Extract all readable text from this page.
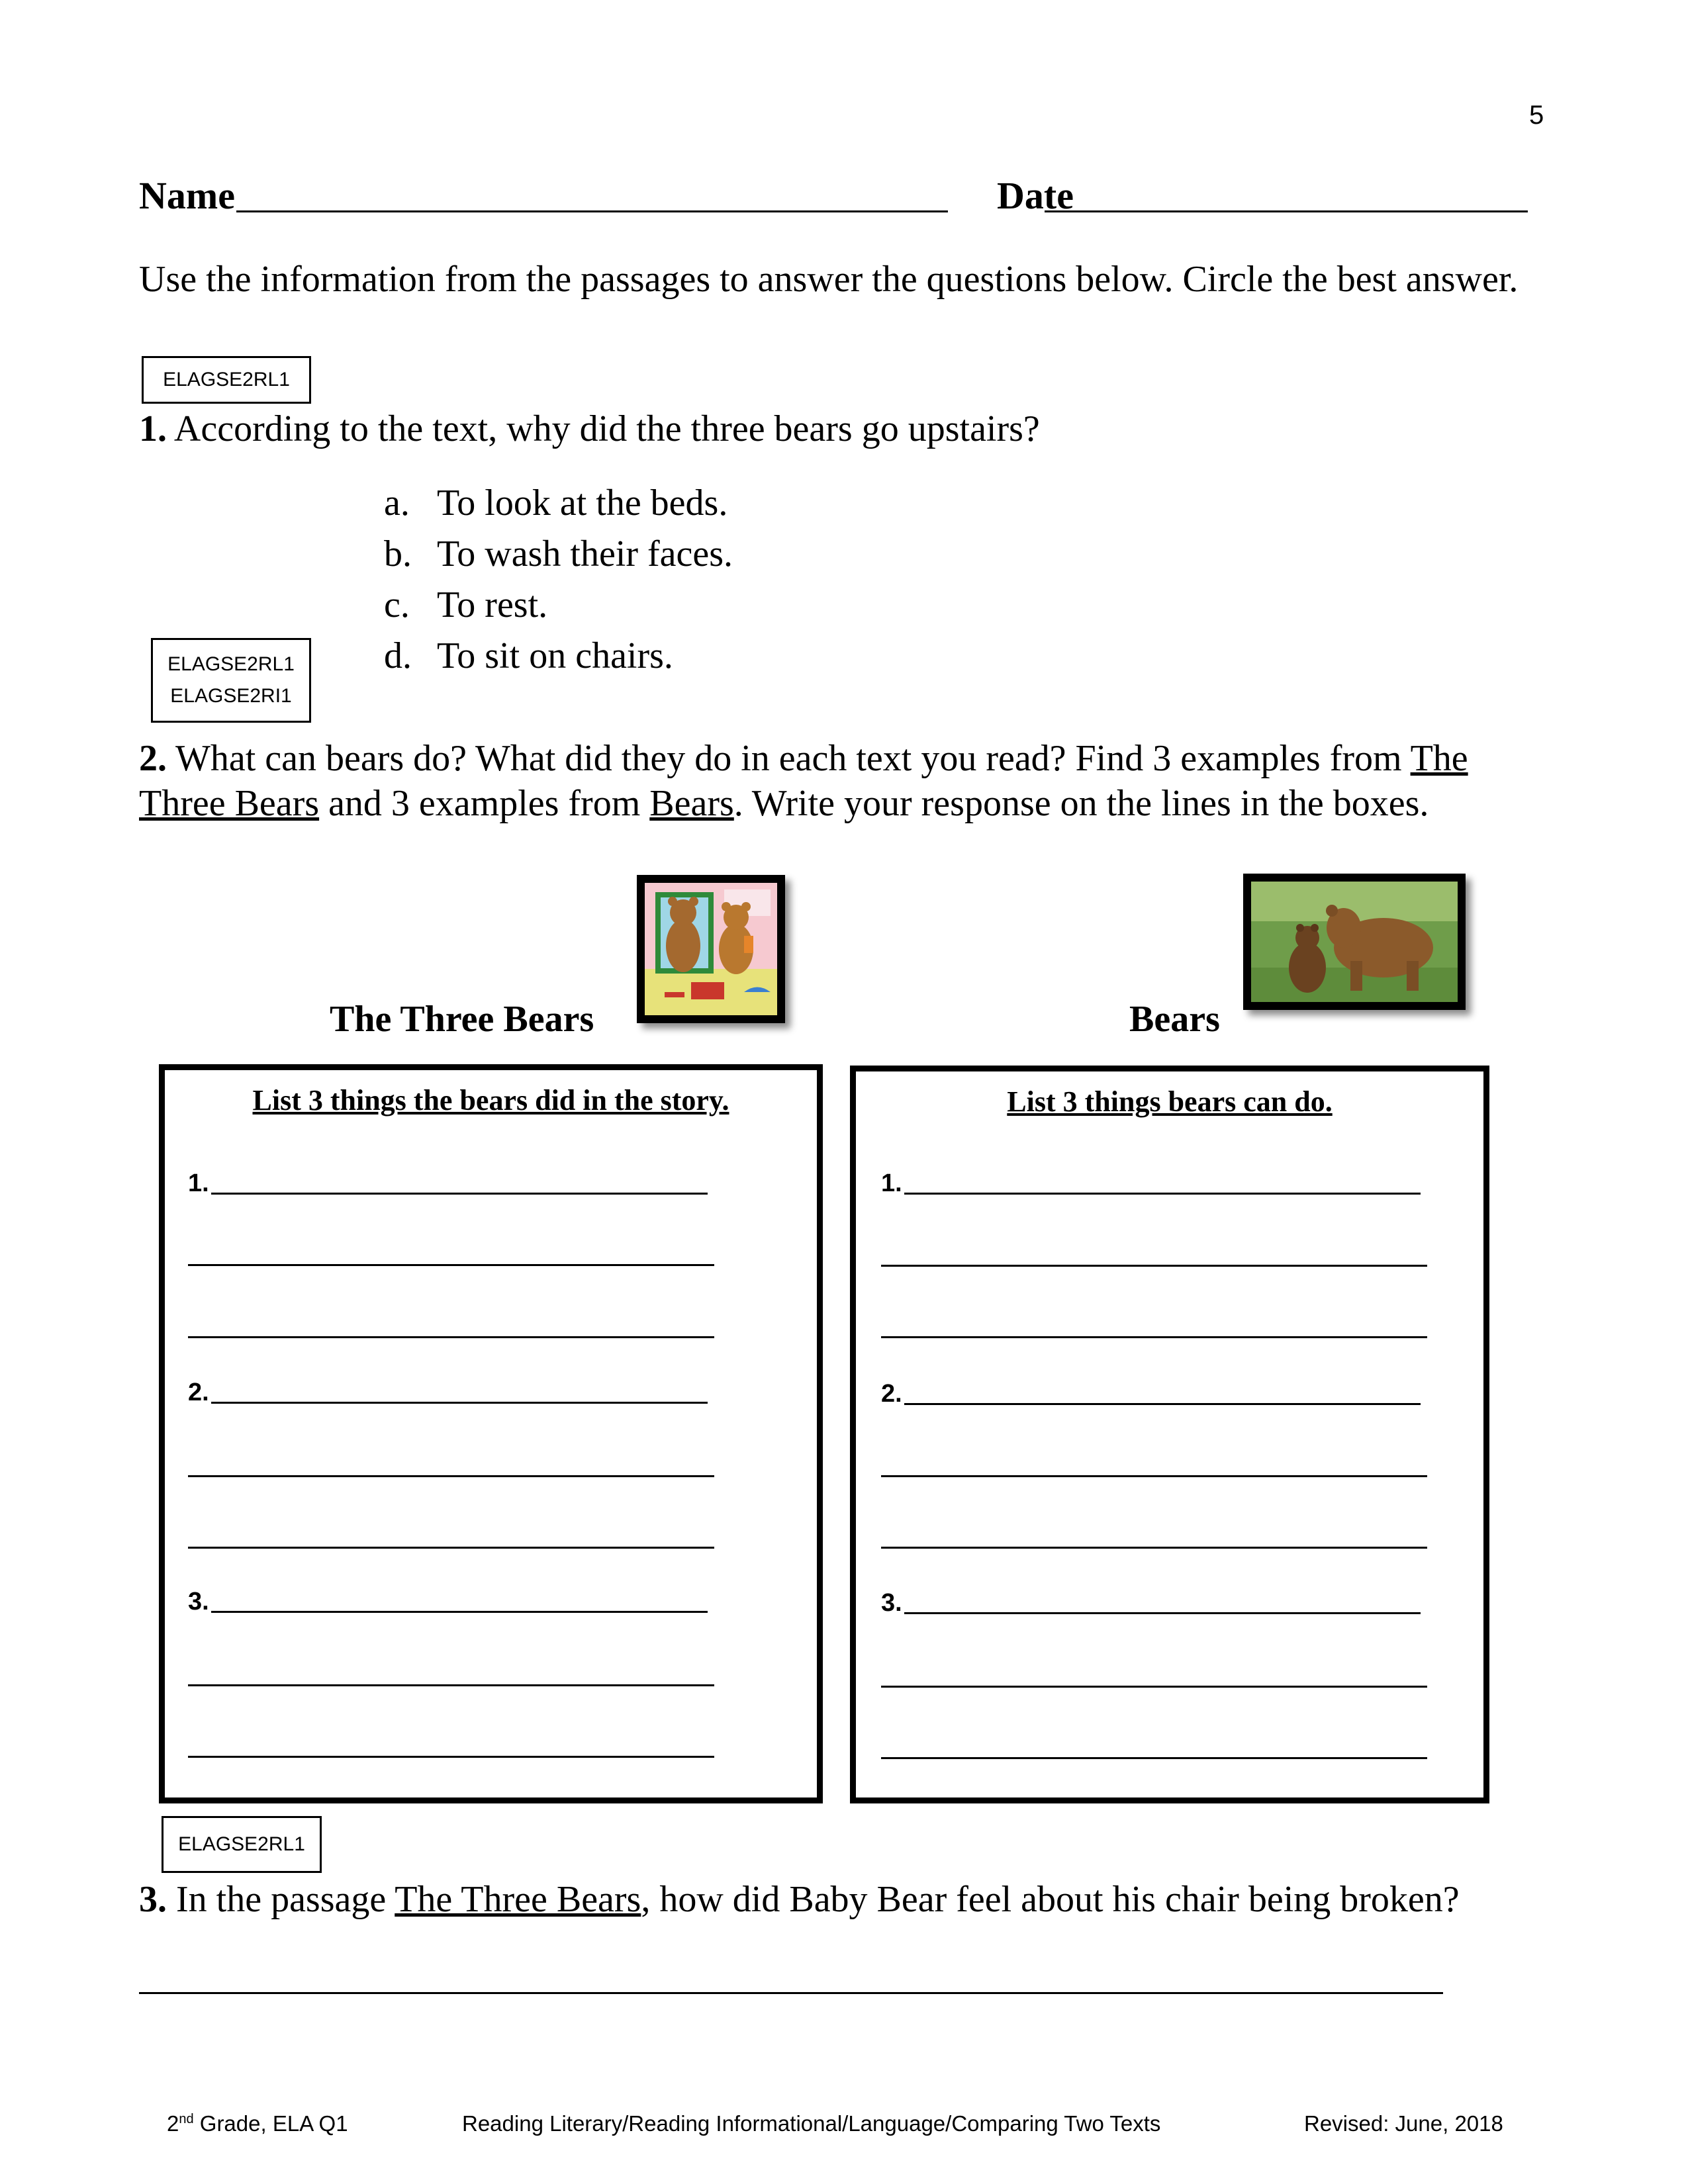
5
Name	Date
Use the information from the passages to answer the questions below. Circle the best answer.
ELAGSE2RL1
1. According to the text, why did the three bears go upstairs?
a. To look at the beds.
b. To wash their faces.
c. To rest.
d. To sit on chairs.
ELAGSE2RL1
ELAGSE2RI1
2. What can bears do? What did they do in each text you read? Find 3 examples from The Three Bears and 3 examples from Bears. Write your response on the lines in the boxes.
The Three Bears	Bears
List 3 things the bears did in the story.
1.
2.
3.
List 3 things bears can do.
1.
2.
3.
ELAGSE2RL1
3. In the passage The Three Bears, how did Baby Bear feel about his chair being broken?
2nd Grade, ELA Q1	Reading Literary/Reading Informational/Language/Comparing Two Texts	Revised: June, 2018
